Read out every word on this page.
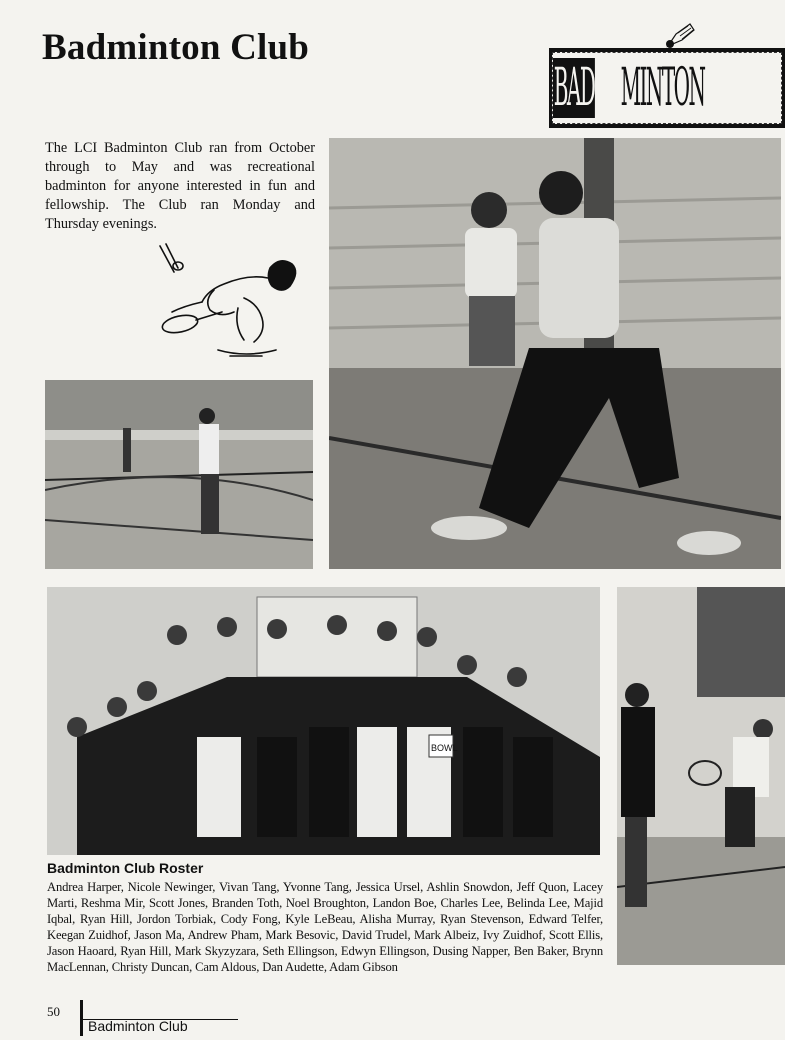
Badminton Club
BAD MINTON
The LCI Badminton Club ran from October through to May and was recreational badminton for anyone interested in fun and fellowship. The Club ran Monday and Thursday evenings.
BOWL
Badminton Club Roster
Andrea Harper, Nicole Newinger, Vivan Tang, Yvonne Tang, Jessica Ursel, Ashlin Snowdon, Jeff Quon, Lacey Marti, Reshma Mir, Scott Jones, Branden Toth, Noel Broughton, Landon Boe, Charles Lee, Belinda Lee, Majid Iqbal, Ryan Hill, Jordon Torbiak, Cody Fong, Kyle LeBeau, Alisha Murray, Ryan Stevenson, Edward Telfer, Keegan Zuidhof, Jason Ma, Andrew Pham, Mark Besovic, David Trudel, Mark Albeiz, Ivy Zuidhof, Scott Ellis, Jason Haoard, Ryan Hill, Mark Skyzyzara, Seth Ellingson, Edwyn Ellingson, Dusing Napper, Ben Baker, Brynn MacLennan, Christy Duncan, Cam Aldous, Dan Audette, Adam Gibson
50
Badminton Club
